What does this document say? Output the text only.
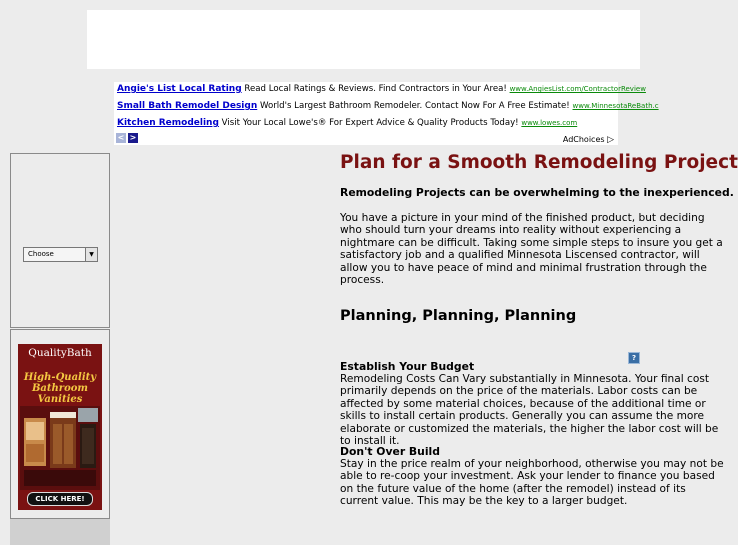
Angie's List Local Rating Read Local Ratings & Reviews. Find Contractors in Your Area! www.AngiesList.com/ContractorReview
Small Bath Remodel Design World's Largest Bathroom Remodeler. Contact Now For A Free Estimate! www.MinnesotaReBath.c
Kitchen Remodeling Visit Your Local Lowe's® For Expert Advice & Quality Products Today! www.lowes.com
< >	AdChoices ▷
Choose	▼
QualityBath
High-Quality
Bathroom
Vanities
CLICK HERE!
Plan for a Smooth Remodeling Project
Remodeling Projects can be overwhelming to the inexperienced.
You have a picture in your mind of the finished product, but deciding who should turn your dreams into reality without experiencing a nightmare can be difficult. Taking some simple steps to insure you get a satisfactory job and a qualified Minnesota Liscensed contractor, will allow you to have peace of mind and minimal frustration through the process.
Planning, Planning, Planning
?
Establish Your Budget
Remodeling Costs Can Vary substantially in Minnesota. Your final cost primarily depends on the price of the materials. Labor costs can be affected by some material choices, because of the additional time or skills to install certain products. Generally you can assume the more elaborate or customized the materials, the higher the labor cost will be to install it.
Don't Over Build
Stay in the price realm of your neighborhood, otherwise you may not be able to re-coop your investment. Ask your lender to finance you based on the future value of the home (after the remodel) instead of its current value. This may be the key to a larger budget.
